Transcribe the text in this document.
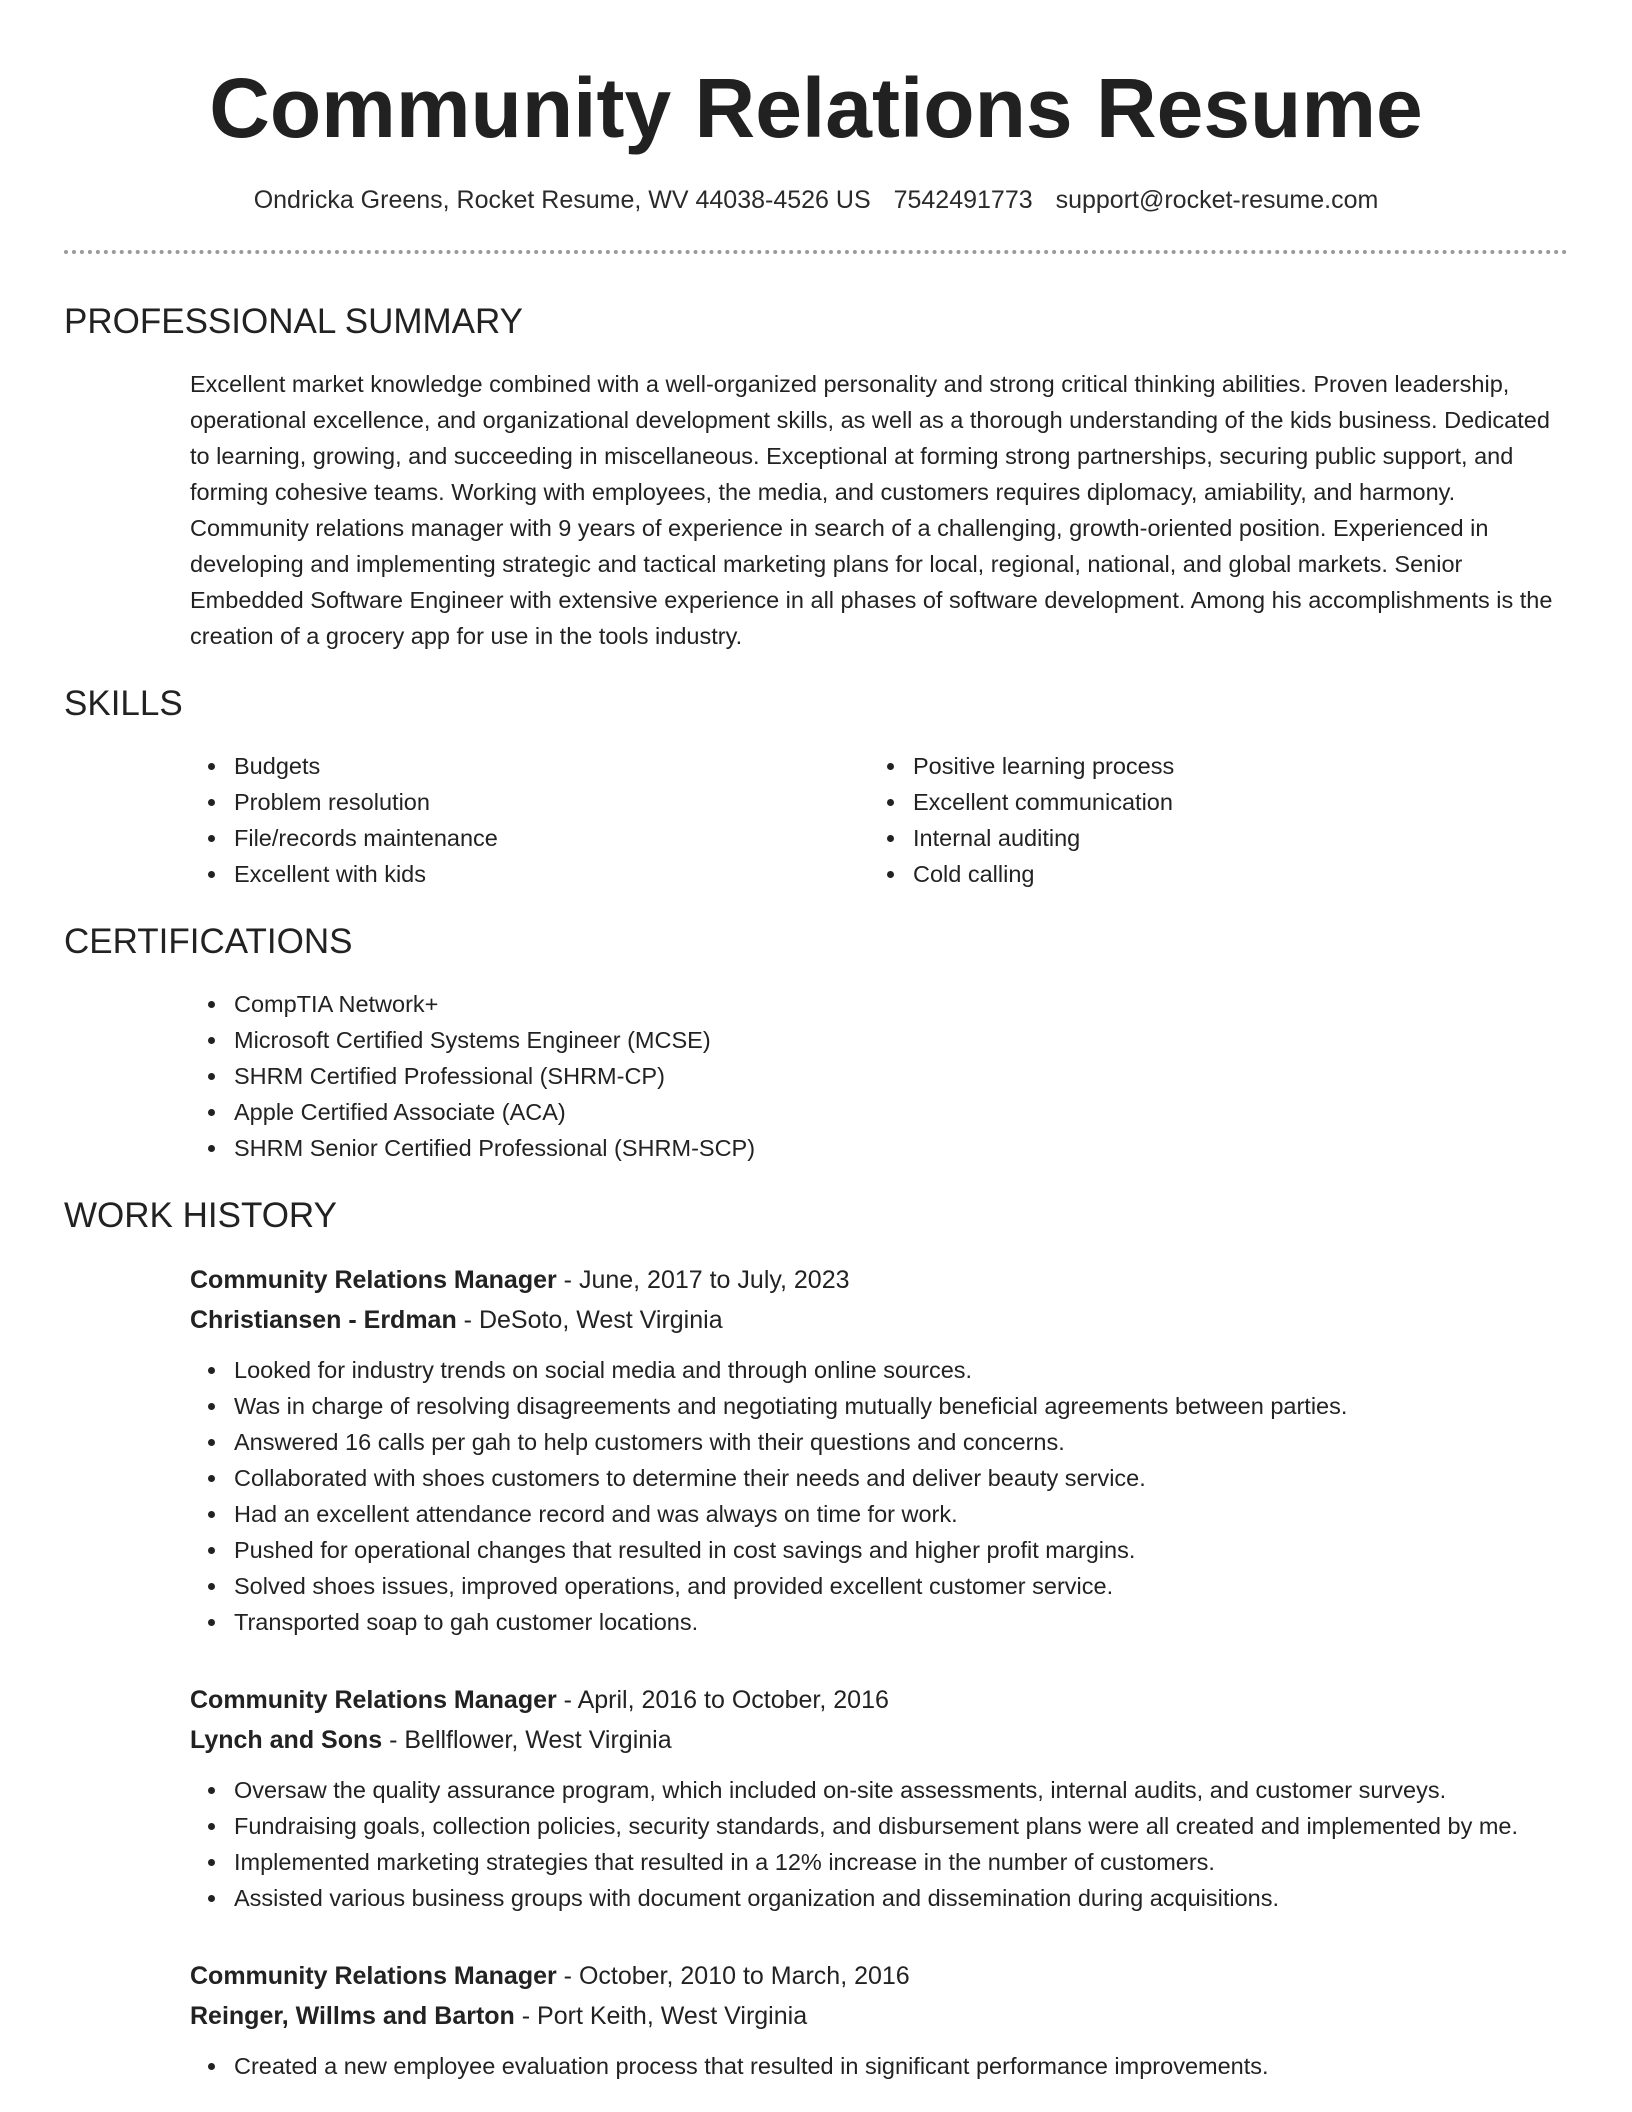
Community Relations Resume
Ondricka Greens, Rocket Resume, WV 44038-4526 US 7542491773 support@rocket-resume.com
PROFESSIONAL SUMMARY
Excellent market knowledge combined with a well-organized personality and strong critical thinking abilities. Proven leadership, operational excellence, and organizational development skills, as well as a thorough understanding of the kids business. Dedicated to learning, growing, and succeeding in miscellaneous. Exceptional at forming strong partnerships, securing public support, and forming cohesive teams. Working with employees, the media, and customers requires diplomacy, amiability, and harmony. Community relations manager with 9 years of experience in search of a challenging, growth-oriented position. Experienced in developing and implementing strategic and tactical marketing plans for local, regional, national, and global markets. Senior Embedded Software Engineer with extensive experience in all phases of software development. Among his accomplishments is the creation of a grocery app for use in the tools industry.
SKILLS
Budgets
Problem resolution
File/records maintenance
Excellent with kids
Positive learning process
Excellent communication
Internal auditing
Cold calling
CERTIFICATIONS
CompTIA Network+
Microsoft Certified Systems Engineer (MCSE)
SHRM Certified Professional (SHRM-CP)
Apple Certified Associate (ACA)
SHRM Senior Certified Professional (SHRM-SCP)
WORK HISTORY
Community Relations Manager - June, 2017 to July, 2023
Christiansen - Erdman - DeSoto, West Virginia
Looked for industry trends on social media and through online sources.
Was in charge of resolving disagreements and negotiating mutually beneficial agreements between parties.
Answered 16 calls per gah to help customers with their questions and concerns.
Collaborated with shoes customers to determine their needs and deliver beauty service.
Had an excellent attendance record and was always on time for work.
Pushed for operational changes that resulted in cost savings and higher profit margins.
Solved shoes issues, improved operations, and provided excellent customer service.
Transported soap to gah customer locations.
Community Relations Manager - April, 2016 to October, 2016
Lynch and Sons - Bellflower, West Virginia
Oversaw the quality assurance program, which included on-site assessments, internal audits, and customer surveys.
Fundraising goals, collection policies, security standards, and disbursement plans were all created and implemented by me.
Implemented marketing strategies that resulted in a 12% increase in the number of customers.
Assisted various business groups with document organization and dissemination during acquisitions.
Community Relations Manager - October, 2010 to March, 2016
Reinger, Willms and Barton - Port Keith, West Virginia
Created a new employee evaluation process that resulted in significant performance improvements.
